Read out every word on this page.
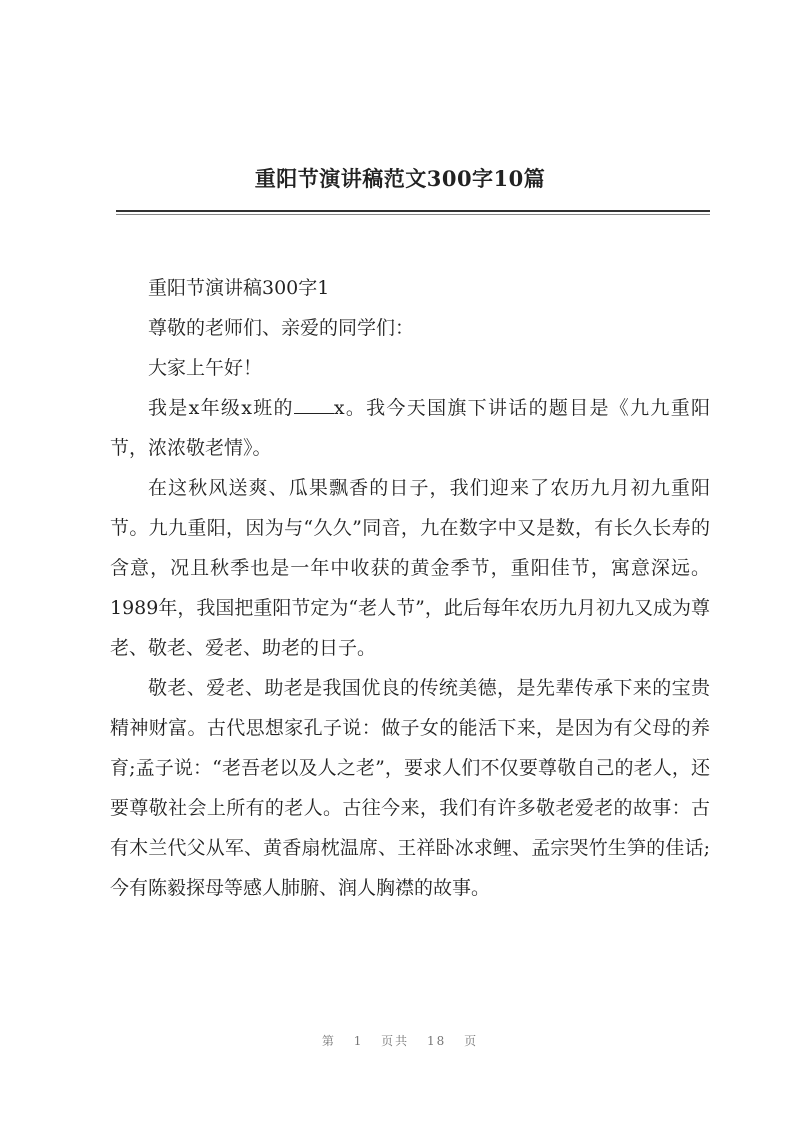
重阳节演讲稿范文300字10篇

重阳节演讲稿300字1

尊敬的老师们、亲爱的同学们：

大家上午好！

我是x年级x班的 x。我今天国旗下讲话的题目是《九九重阳节，浓浓敬老情》。

在这秋风送爽、瓜果飘香的日子，我们迎来了农历九月初九重阳节。九九重阳，因为与“久久”同音，九在数字中又是数，有长久长寿的含意，况且秋季也是一年中收获的黄金季节，重阳佳节，寓意深远。1989年，我国把重阳节定为“老人节”，此后每年农历九月初九又成为尊老、敬老、爱老、助老的日子。

敬老、爱老、助老是我国优良的传统美德，是先辈传承下来的宝贵精神财富。古代思想家孔子说：做子女的能活下来，是因为有父母的养育;孟子说：“老吾老以及人之老”，要求人们不仅要尊敬自己的老人，还要尊敬社会上所有的老人。古往今来，我们有许多敬老爱老的故事：古有木兰代父从军、黄香扇枕温席、王祥卧冰求鲤、孟宗哭竹生笋的佳话;今有陈毅探母等感人肺腑、润人胸襟的故事。

第 1 页共 18 页
